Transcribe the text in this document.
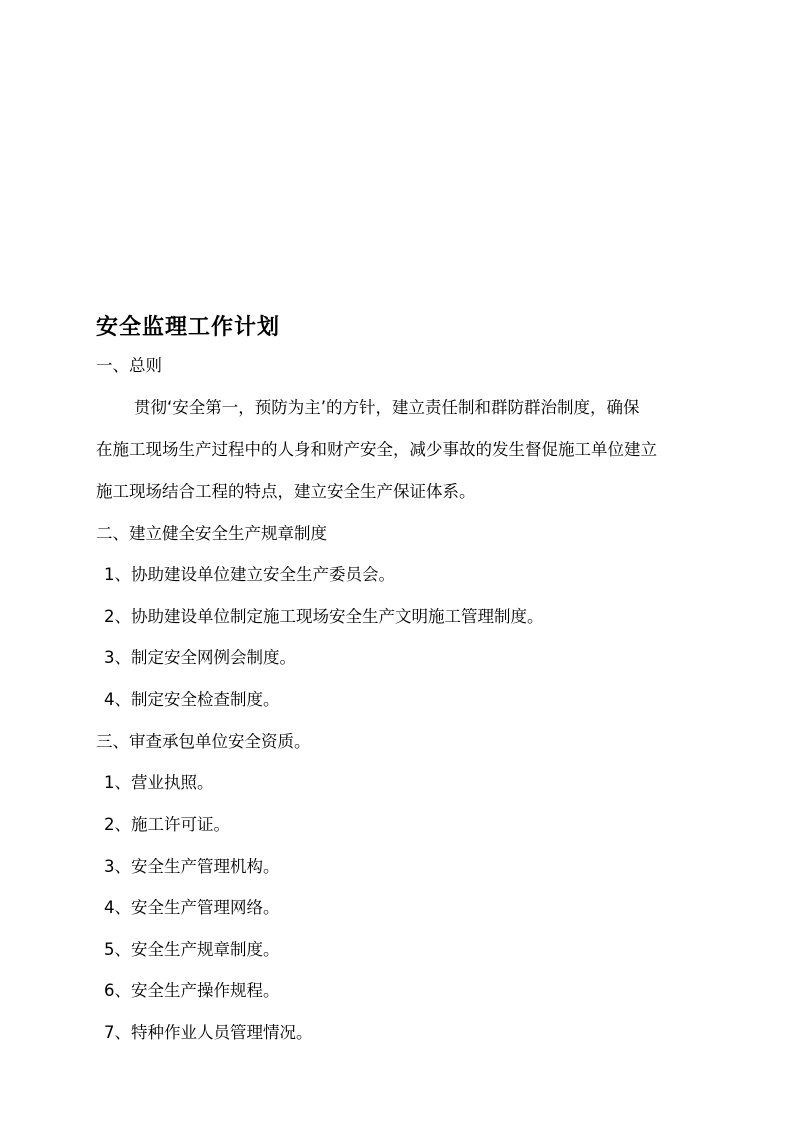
安全监理工作计划
一、总则
贯彻‘安全第一，预防为主’的方针，建立责任制和群防群治制度，确保
在施工现场生产过程中的人身和财产安全，减少事故的发生督促施工单位建立
施工现场结合工程的特点，建立安全生产保证体系。
二、建立健全安全生产规章制度
1、协助建设单位建立安全生产委员会。
2、协助建设单位制定施工现场安全生产文明施工管理制度。
3、制定安全网例会制度。
4、制定安全检查制度。
三、审查承包单位安全资质。
1、营业执照。
2、施工许可证。
3、安全生产管理机构。
4、安全生产管理网络。
5、安全生产规章制度。
6、安全生产操作规程。
7、特种作业人员管理情况。
